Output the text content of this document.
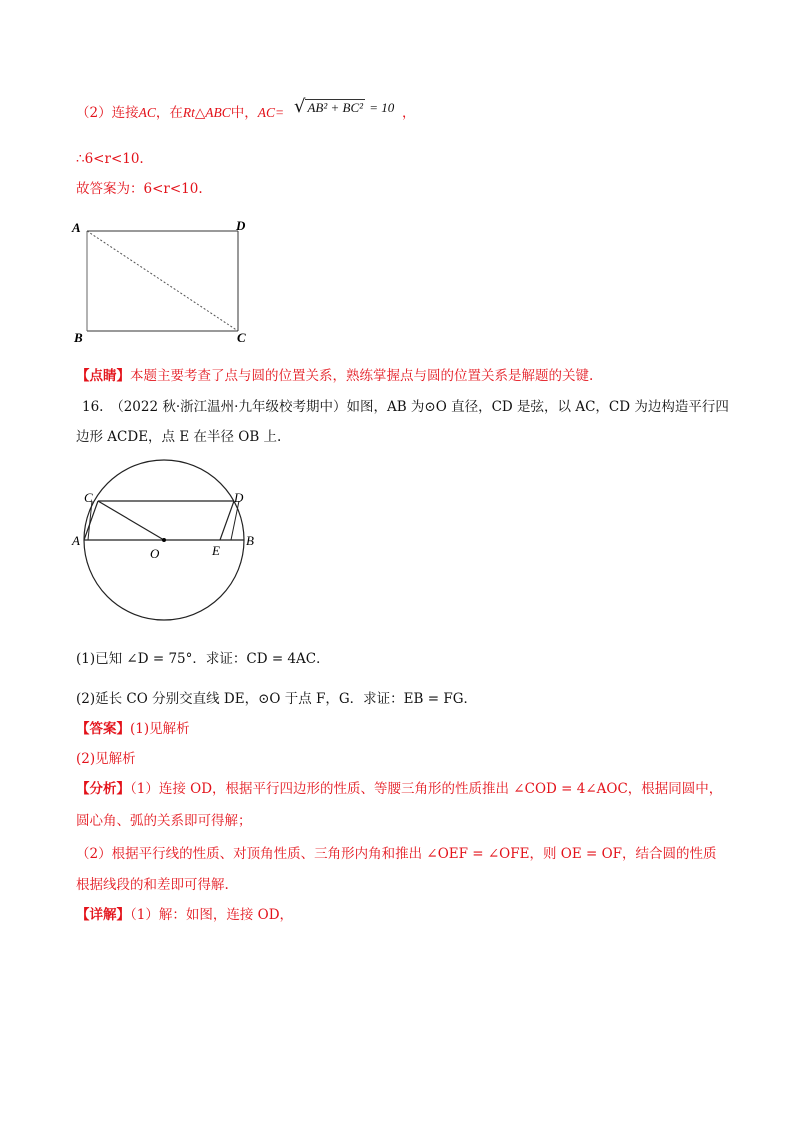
（2）连接AC，在Rt△ABC中，AC= √ AB² + BC² = 10 ，
∴6<r<10.
故答案为：6<r<10.
A	D
B	C
【点睛】本题主要考查了点与圆的位置关系，熟练掌握点与圆的位置关系是解题的关键.
16.　（2022 秋·浙江温州·九年级校考期中）如图，AB 为⊙O 直径，CD 是弦，以 AC，CD 为边构造平行四
边形 ACDE，点 E 在半径 OB 上.
C	D
A	B
O	E
(1)已知 ∠D = 75°．求证：CD = 4AC．
(2)延长 CO 分别交直线 DE，⊙O 于点 F，G．求证：EB = FG．
【答案】(1)见解析
(2)见解析
【分析】（1）连接 OD，根据平行四边形的性质、等腰三角形的性质推出 ∠COD = 4∠AOC，根据同圆中，
圆心角、弧的关系即可得解；
（2）根据平行线的性质、对顶角性质、三角形内角和推出 ∠OEF = ∠OFE，则 OE = OF，结合圆的性质
根据线段的和差即可得解.
【详解】（1）解：如图，连接 OD，
